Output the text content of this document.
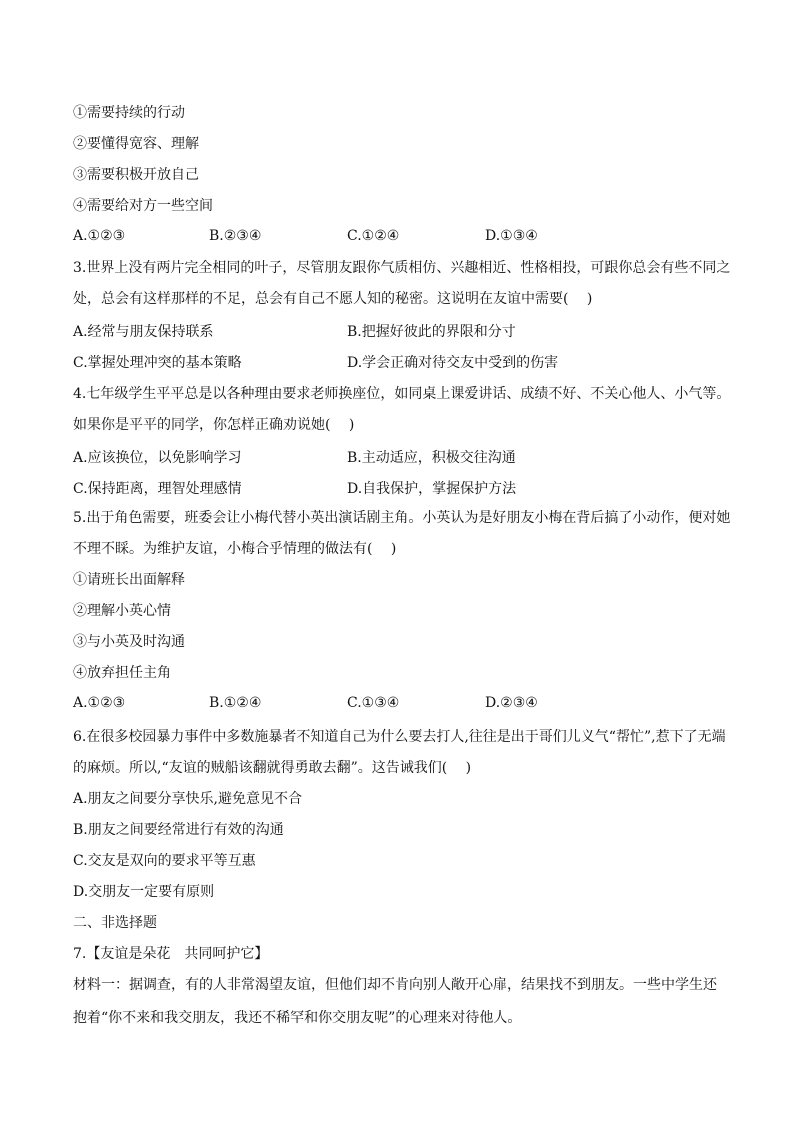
①需要持续的行动
②要懂得宽容、理解
③需要积极开放自己
④需要给对方一些空间
A.①②③	B.②③④	C.①②④	D.①③④
3.世界上没有两片完全相同的叶子，尽管朋友跟你气质相仿、兴趣相近、性格相投，可跟你总会有些不同之
处，总会有这样那样的不足，总会有自己不愿人知的秘密。这说明在友谊中需要(　 )
A.经常与朋友保持联系	B.把握好彼此的界限和分寸
C.掌握处理冲突的基本策略	D.学会正确对待交友中受到的伤害
4.七年级学生平平总是以各种理由要求老师换座位，如同桌上课爱讲话、成绩不好、不关心他人、小气等。
如果你是平平的同学，你怎样正确劝说她(　 )
A.应该换位，以免影响学习	B.主动适应，积极交往沟通
C.保持距离，理智处理感情	D.自我保护，掌握保护方法
5.出于角色需要，班委会让小梅代替小英出演话剧主角。小英认为是好朋友小梅在背后搞了小动作，便对她
不理不睬。为维护友谊，小梅合乎情理的做法有(　 )
①请班长出面解释
②理解小英心情
③与小英及时沟通
④放弃担任主角
A.①②③	B.①②④	C.①③④	D.②③④
6.在很多校园暴力事件中多数施暴者不知道自己为什么要去打人,往往是出于哥们儿义气“帮忙”,惹下了无端
的麻烦。所以,“友谊的贼船该翻就得勇敢去翻”。这告诫我们(　 )
A.朋友之间要分享快乐,避免意见不合
B.朋友之间要经常进行有效的沟通
C.交友是双向的要求平等互惠
D.交朋友一定要有原则
二、非选择题
7.【友谊是朵花　共同呵护它】
材料一：据调查，有的人非常渴望友谊，但他们却不肯向别人敞开心扉，结果找不到朋友。一些中学生还
抱着“你不来和我交朋友，我还不稀罕和你交朋友呢”的心理来对待他人。
